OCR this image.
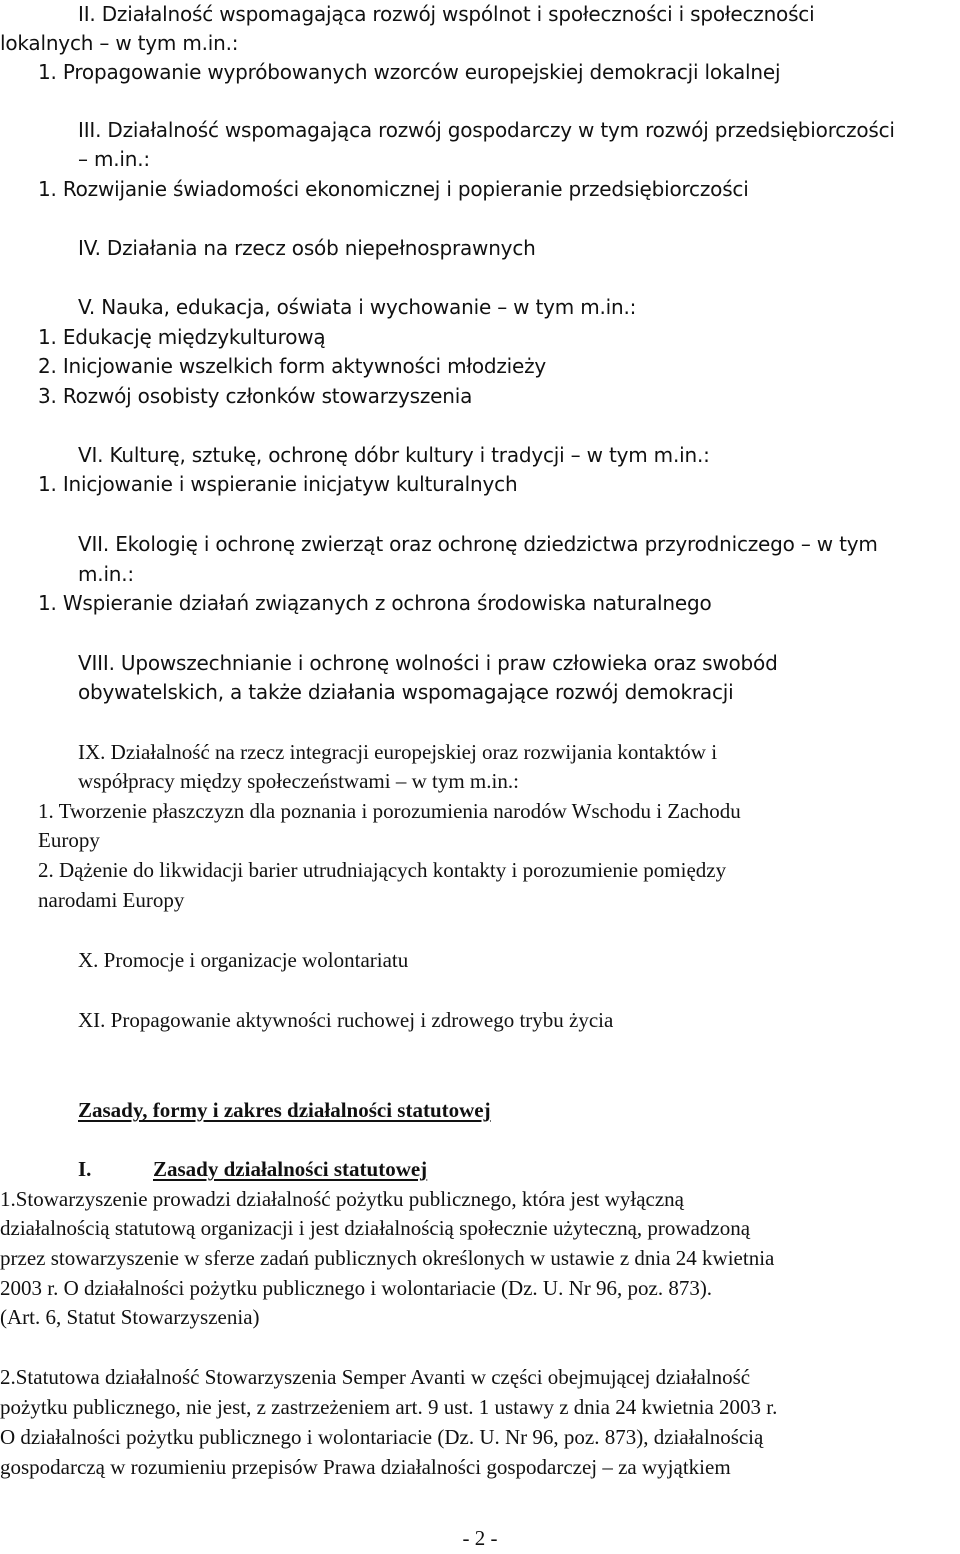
II. Działalność wspomagająca rozwój wspólnot i społeczności i społeczności
lokalnych – w tym m.in.:
1. Propagowanie wypróbowanych wzorców europejskiej demokracji lokalnej
III. Działalność wspomagająca rozwój gospodarczy w tym rozwój przedsiębiorczości
– m.in.:
1. Rozwijanie świadomości ekonomicznej i popieranie przedsiębiorczości
IV. Działania na rzecz osób niepełnosprawnych
V. Nauka, edukacja, oświata i wychowanie – w tym m.in.:
1. Edukację międzykulturową
2. Inicjowanie wszelkich form aktywności młodzieży
3. Rozwój osobisty członków stowarzyszenia
VI. Kulturę, sztukę, ochronę dóbr kultury i tradycji – w tym m.in.:
1. Inicjowanie i wspieranie inicjatyw kulturalnych
VII. Ekologię i ochronę zwierząt oraz ochronę dziedzictwa przyrodniczego – w tym
m.in.:
1. Wspieranie działań związanych z ochrona środowiska naturalnego
VIII. Upowszechnianie i ochronę wolności i praw człowieka oraz swobód
obywatelskich, a także działania wspomagające rozwój demokracji
IX. Działalność na rzecz integracji europejskiej oraz rozwijania kontaktów i
współpracy między społeczeństwami – w tym m.in.:
1. Tworzenie płaszczyzn dla poznania i porozumienia narodów Wschodu i Zachodu
Europy
2. Dążenie do likwidacji barier utrudniających kontakty i porozumienie pomiędzy
narodami Europy
X. Promocje i organizacje wolontariatu
XI. Propagowanie aktywności ruchowej i zdrowego trybu życia
Zasady, formy i zakres działalności statutowej
I.	Zasady działalności statutowej
1.Stowarzyszenie prowadzi działalność pożytku publicznego, która jest wyłączną
działalnością statutową organizacji i jest działalnością społecznie użyteczną, prowadzoną
przez stowarzyszenie w sferze zadań publicznych określonych w ustawie z dnia 24 kwietnia
2003 r. O działalności pożytku publicznego i wolontariacie (Dz. U. Nr 96, poz. 873).
(Art. 6, Statut Stowarzyszenia)
2.Statutowa działalność Stowarzyszenia Semper Avanti w części obejmującej działalność
pożytku publicznego, nie jest, z zastrzeżeniem art. 9 ust. 1 ustawy z dnia 24 kwietnia 2003 r.
O działalności pożytku publicznego i wolontariacie (Dz. U. Nr 96, poz. 873), działalnością
gospodarczą w rozumieniu przepisów Prawa działalności gospodarczej – za wyjątkiem
- 2 -
